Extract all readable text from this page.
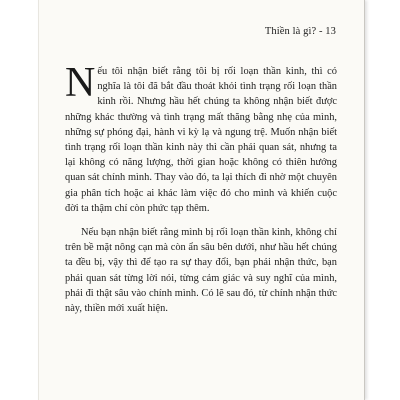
Thiền là gì? - 13

Nếu tôi nhận biết rằng tôi bị rối loạn thần kinh, thì có nghĩa là tôi đã bắt đầu thoát khỏi tình trạng rối loạn thần kinh rồi. Nhưng hầu hết chúng ta không nhận biết được những khác thường và tình trạng mất thăng bằng nhẹ của mình, những sự phóng đại, hành vi kỳ lạ và ngung trệ. Muốn nhận biết tình trạng rối loạn thần kinh này thì cần phải quan sát, nhưng ta lại không có năng lượng, thời gian hoặc không có thiên hướng quan sát chính mình. Thay vào đó, ta lại thích đi nhờ một chuyên gia phân tích hoặc ai khác làm việc đó cho mình và khiến cuộc đời ta thậm chí còn phức tạp thêm.

Nếu bạn nhận biết rằng mình bị rối loạn thần kinh, không chỉ trên bề mặt nông cạn mà còn ẩn sâu bên dưới, như hầu hết chúng ta đều bị, vậy thì để tạo ra sự thay đổi, bạn phải nhận thức, bạn phải quan sát từng lời nói, từng cảm giác và suy nghĩ của mình, phải đi thật sâu vào chính mình. Có lẽ sau đó, từ chính nhận thức này, thiền mới xuất hiện.
